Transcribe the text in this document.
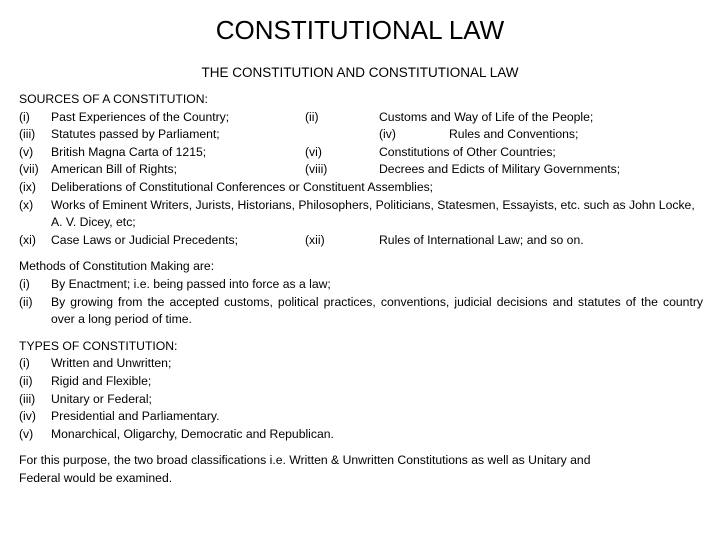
CONSTITUTIONAL LAW
THE CONSTITUTION AND CONSTITUTIONAL LAW

SOURCES OF A CONSTITUTION:

(i) Past Experiences of the Country;	(ii)	Customs and Way of Life of the People;
(iii) Statutes passed by Parliament;	(iv)	Rules and Conventions;
(v) British Magna Carta of 1215;	(vi)	Constitutions of Other Countries;
(vii) American Bill of Rights;	(viii)	Decrees and Edicts of Military Governments;
(ix) Deliberations of Constitutional Conferences or Constituent Assemblies;
(x)	Works of Eminent Writers, Jurists, Historians, Philosophers, Politicians, Statesmen, Essayists, etc. such as John Locke, A. V. Dicey, etc;
(xi) Case Laws or Judicial Precedents;	(xii)	Rules of International Law; and so on.

Methods of Constitution Making are:

(i) By Enactment; i.e. being passed into force as a law;
(ii)	By growing from the accepted customs, political practices, conventions, judicial decisions and statutes of the country over a long period of time.

TYPES OF CONSTITUTION:

(i) Written and Unwritten;
(ii) Rigid and Flexible;
(iii) Unitary or Federal;
(iv) Presidential and Parliamentary.
(v) Monarchical, Oligarchy, Democratic and Republican.

For this purpose, the two broad classifications i.e. Written & Unwritten Constitutions as well as Unitary and Federal would be examined.
